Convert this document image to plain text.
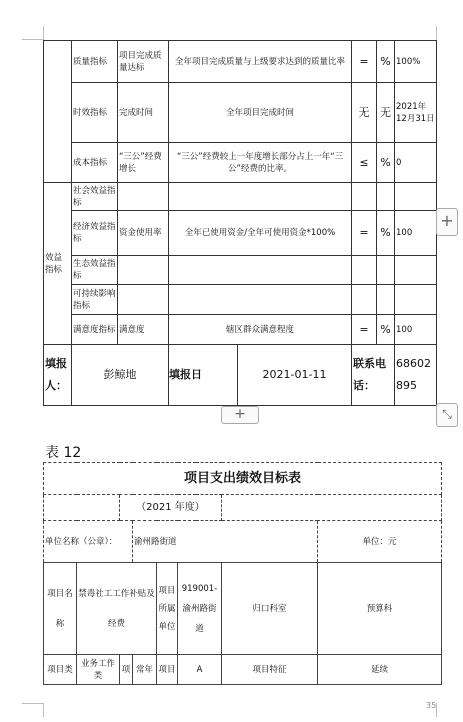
	质量指标	项目完成质量达标	全年项目完成质量与上级要求达到的质量比率	=	%	100%
	时效指标	完成时间	全年项目完成时间	无	无	2021年12月31日
	成本指标	“三公”经费增长	“三公”经费较上一年度增长部分占上一年“三公”经费的比率。	≤	%	0
效益指标	社会效益指标					
	经济效益指标	资金使用率	全年已使用资金/全年可使用资金*100%	=	%	100
	生态效益指标					
	可持续影响指标					
	满意度指标	满意度	辖区群众满意程度	=	%	100
填报人：	彭鲸地		填报日 2021-01-11	联系电话：		68602895
+
+	⤡
表 12
项目支出绩效目标表							
		（2021 年度）					
单位名称（公章）：			渝州路街道				单位：元
项目名称	禁毒社工工作补贴及经费			项目所属单位	919001-渝州路街道	归口科室	预算科
项目类	业务工作类	项	常年	项目	A	项目特征	延续
35
